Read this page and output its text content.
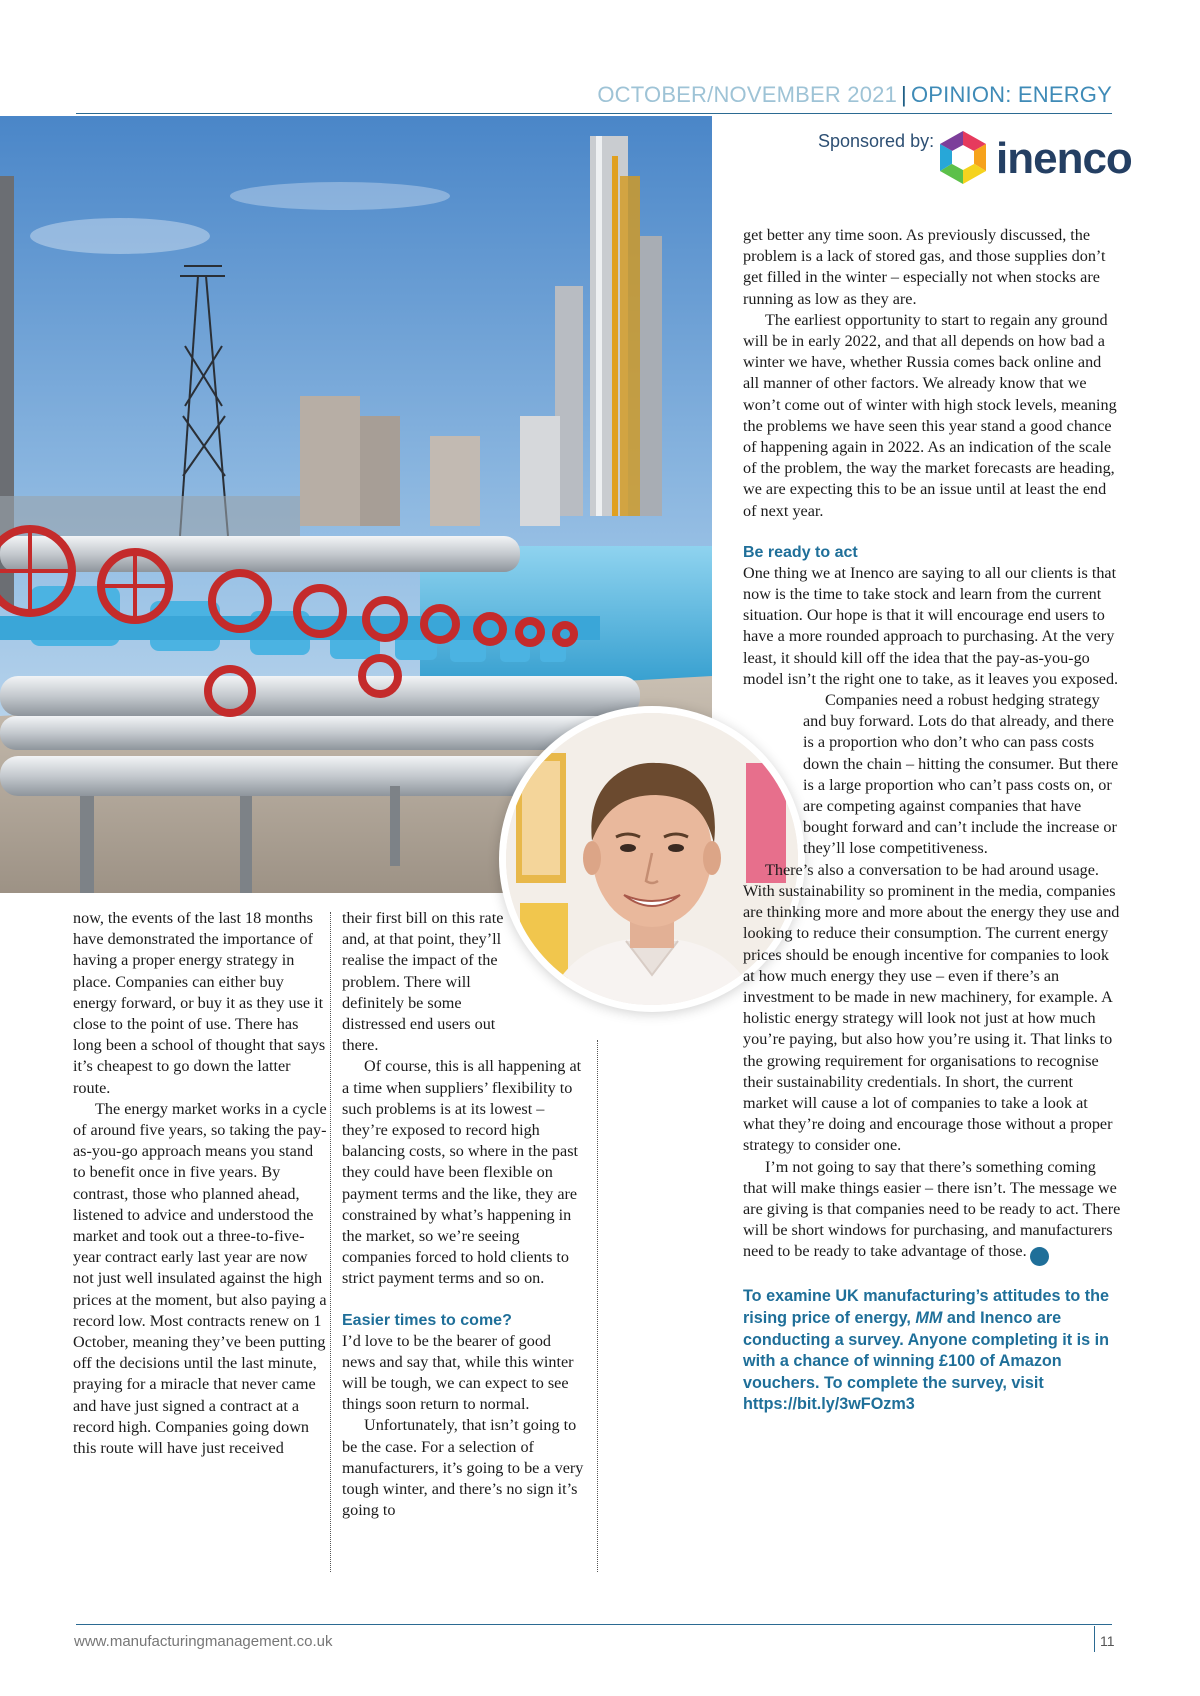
OCTOBER/NOVEMBER 2021 | OPINION: ENERGY
Sponsored by: inenco

now, the events of the last 18 months have demonstrated the importance of having a proper energy strategy in place. Companies can either buy energy forward, or buy it as they use it close to the point of use. There has long been a school of thought that says it’s cheapest to go down the latter route.

The energy market works in a cycle of around five years, so taking the pay-as-you-go approach means you stand to benefit once in five years. By contrast, those who planned ahead, listened to advice and understood the market and took out a three-to-five-year contract early last year are now not just well insulated against the high prices at the moment, but also paying a record low. Most contracts renew on 1 October, meaning they’ve been putting off the decisions until the last minute, praying for a miracle that never came and have just signed a contract at a record high. Companies going down this route will have just received

their first bill on this rate and, at that point, they’ll realise the impact of the problem. There will definitely be some distressed end users out there.

Of course, this is all happening at a time when suppliers’ flexibility to such problems is at its lowest – they’re exposed to record high balancing costs, so where in the past they could have been flexible on payment terms and the like, they are constrained by what’s happening in the market, so we’re seeing companies forced to hold clients to strict payment terms and so on.

Easier times to come?

I’d love to be the bearer of good news and say that, while this winter will be tough, we can expect to see things soon return to normal.

Unfortunately, that isn’t going to be the case. For a selection of manufacturers, it’s going to be a very tough winter, and there’s no sign it’s going to

get better any time soon. As previously discussed, the problem is a lack of stored gas, and those supplies don’t get filled in the winter – especially not when stocks are running as low as they are.

The earliest opportunity to start to regain any ground will be in early 2022, and that all depends on how bad a winter we have, whether Russia comes back online and all manner of other factors. We already know that we won’t come out of winter with high stock levels, meaning the problems we have seen this year stand a good chance of happening again in 2022. As an indication of the scale of the problem, the way the market forecasts are heading, we are expecting this to be an issue until at least the end of next year.

Be ready to act

One thing we at Inenco are saying to all our clients is that now is the time to take stock and learn from the current situation. Our hope is that it will encourage end users to have a more rounded approach to purchasing. At the very least, it should kill off the idea that the pay-as-you-go model isn’t the right one to take, as it leaves you exposed.

Companies need a robust hedging strategy and buy forward. Lots do that already, and there is a proportion who don’t who can pass costs down the chain – hitting the consumer. But there is a large proportion who can’t pass costs on, or are competing against companies that have bought forward and can’t include the increase or they’ll lose competitiveness.

There’s also a conversation to be had around usage. With sustainability so prominent in the media, companies are thinking more and more about the energy they use and looking to reduce their consumption. The current energy prices should be enough incentive for companies to look at how much energy they use – even if there’s an investment to be made in new machinery, for example. A holistic energy strategy will look not just at how much you’re paying, but also how you’re using it. That links to the growing requirement for organisations to recognise their sustainability credentials. In short, the current market will cause a lot of companies to take a look at what they’re doing and encourage those without a proper strategy to consider one.

I’m not going to say that there’s something coming that will make things easier – there isn’t. The message we are giving is that companies need to be ready to act. There will be short windows for purchasing, and manufacturers need to be ready to take advantage of those. M

To examine UK manufacturing’s attitudes to the rising price of energy, MM and Inenco are conducting a survey. Anyone completing it is in with a chance of winning £100 of Amazon vouchers. To complete the survey, visit https://bit.ly/3wFOzm3

www.manufacturingmanagement.co.uk	11
